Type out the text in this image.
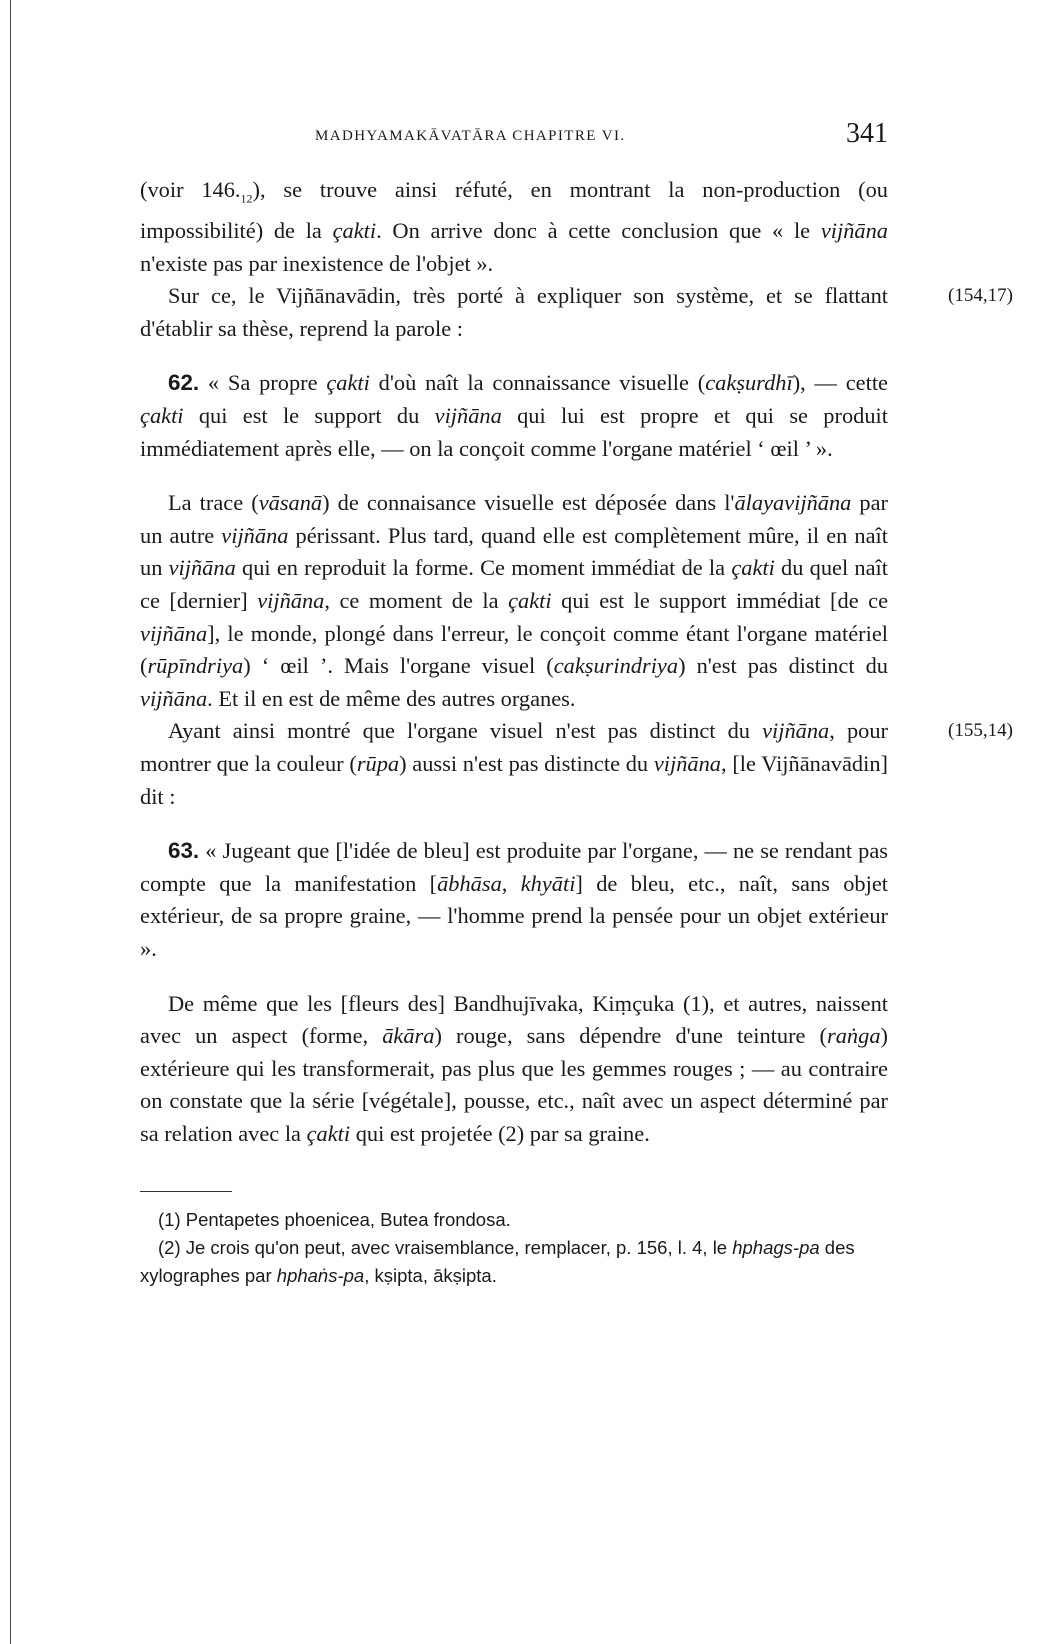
MADHYAMAKĀVATĀRA CHAPITRE VI.	341

(voir $146._{12}$), se trouve ainsi réfuté, en montrant la non-production (ou impossibilité) de la çakti. On arrive donc à cette conclusion que « le vijñāna n'existe pas par inexistence de l'objet ».

(154,17)
Sur ce, le Vijñānavādin, très porté à expliquer son système, et se flattant d'établir sa thèse, reprend la parole :

62. « Sa propre çakti d'où naît la connaissance visuelle (cakṣurdhī), — cette çakti qui est le support du vijñāna qui lui est propre et qui se produit immédiatement après elle, — on la conçoit comme l'organe matériel ‘ œil ’ ».

La trace (vāsanā) de connaisance visuelle est déposée dans l'ālayavijñāna par un autre vijñāna périssant. Plus tard, quand elle est complètement mûre, il en naît un vijñāna qui en reproduit la forme. Ce moment immédiat de la çakti du quel naît ce [dernier] vijñāna, ce moment de la çakti qui est le support immédiat [de ce vijñāna], le monde, plongé dans l'erreur, le conçoit comme étant l'organe matériel (rūpīndriya) ‘ œil ’. Mais l'organe visuel (cakṣurindriya) n'est pas distinct du vijñāna. Et il en est de même des autres organes.

(155,14)
Ayant ainsi montré que l'organe visuel n'est pas distinct du vijñāna, pour montrer que la couleur (rūpa) aussi n'est pas distincte du vijñāna, [le Vijñānavādin] dit :

63. « Jugeant que [l'idée de bleu] est produite par l'organe, — ne se rendant pas compte que la manifestation [ābhāsa, khyāti] de bleu, etc., naît, sans objet extérieur, de sa propre graine, — l'homme prend la pensée pour un objet extérieur ».

De même que les [fleurs des] Bandhujīvaka, Kiṃçuka (1), et autres, naissent avec un aspect (forme, ākāra) rouge, sans dépendre d'une teinture (raṅga) extérieure qui les transformerait, pas plus que les gemmes rouges ; — au contraire on constate que la série [végétale], pousse, etc., naît avec un aspect déterminé par sa relation avec la çakti qui est projetée (2) par sa graine.

(1) Pentapetes phoenicea, Butea frondosa.

(2) Je crois qu'on peut, avec vraisemblance, remplacer, p. 156, l. 4, le hphags-pa des xylographes par hphaṅs-pa, kṣipta, ākṣipta.
